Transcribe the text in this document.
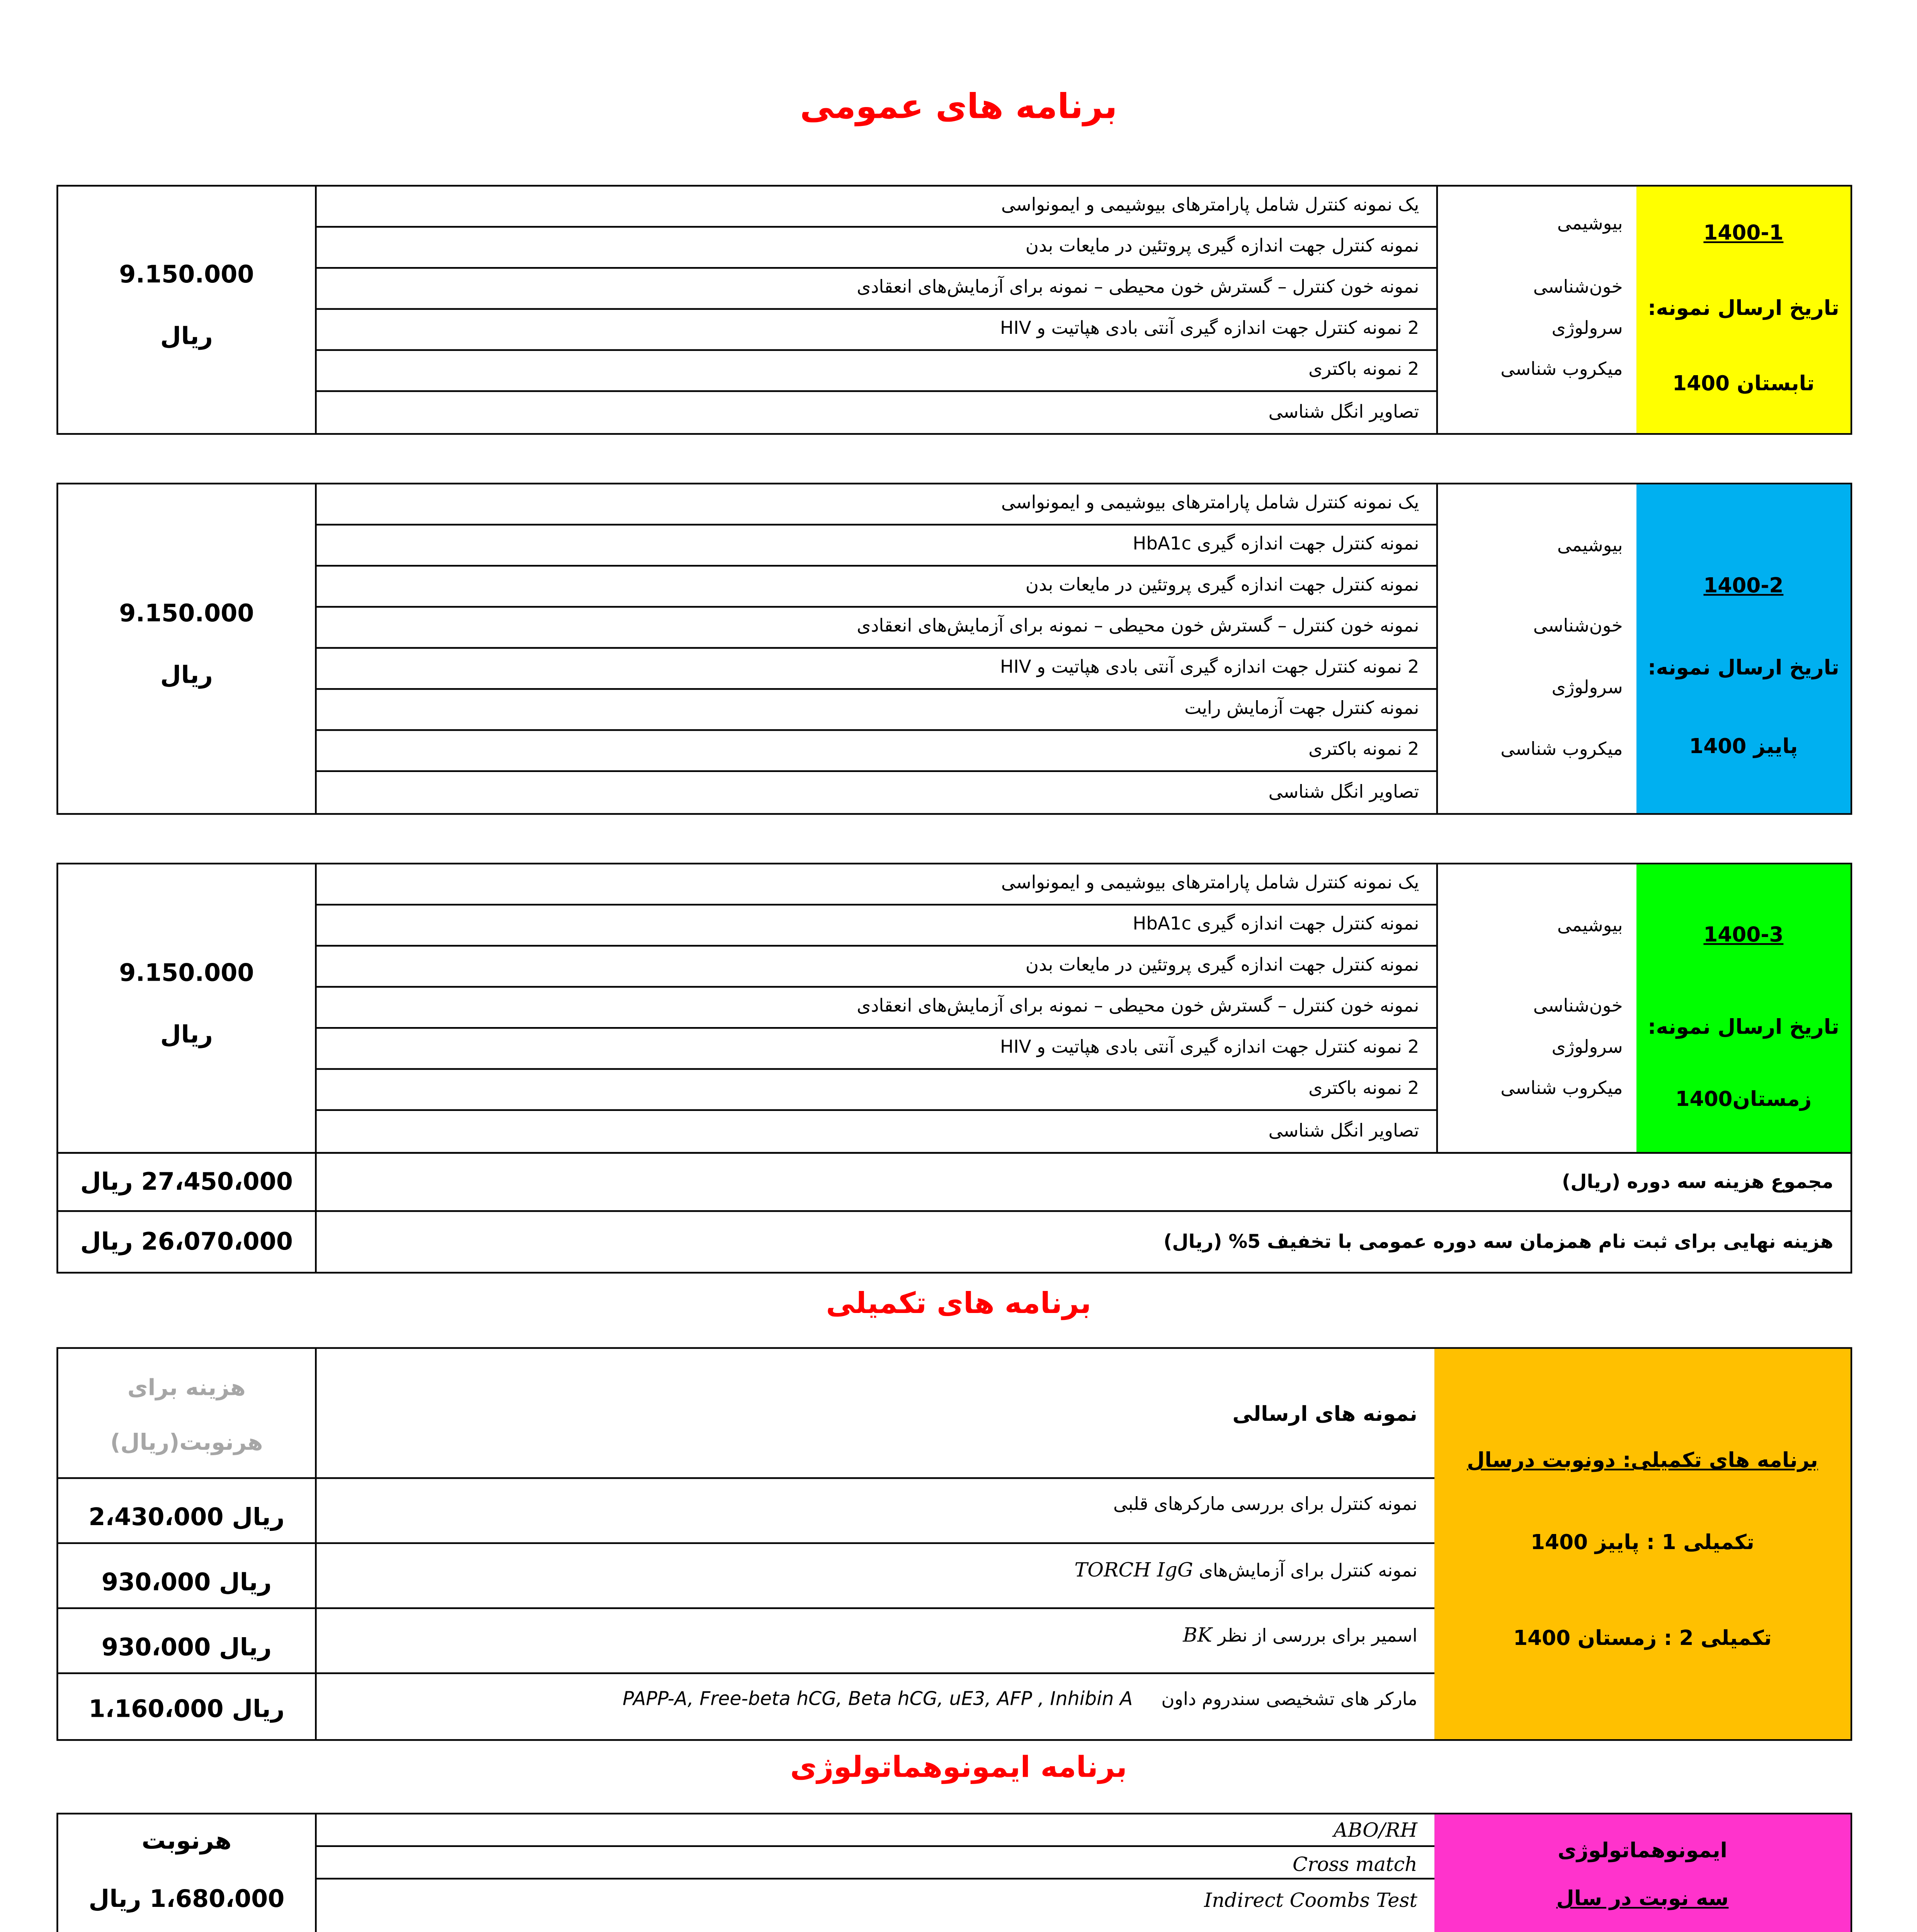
برنامه های عمومی
9.150.000
ریال
یک نمونه کنترل شامل پارامترهای بیوشیمی و ایمونواسی
نمونه کنترل جهت اندازه گیری پروتئین در مایعات بدن
نمونه خون کنترل – گسترش خون محیطی – نمونه برای آزمایش‌های انعقادی
2 نمونه کنترل جهت اندازه گیری آنتی بادی هپاتیت و HIV
2 نمونه باکتری
تصاویر انگل شناسی
بیوشیمی
خون‌شناسی
سرولوژی
میکروب شناسی
1400-1
تاریخ ارسال نمونه:
تابستان 1400
9.150.000
ریال
یک نمونه کنترل شامل پارامترهای بیوشیمی و ایمونواسی
نمونه کنترل جهت اندازه گیری HbA1c
نمونه کنترل جهت اندازه گیری پروتئین در مایعات بدن
نمونه خون کنترل – گسترش خون محیطی – نمونه برای آزمایش‌های انعقادی
2 نمونه کنترل جهت اندازه گیری آنتی بادی هپاتیت و HIV
نمونه کنترل جهت آزمایش رایت
2 نمونه باکتری
تصاویر انگل شناسی
بیوشیمی
خون‌شناسی
سرولوژی
میکروب شناسی
1400-2
تاریخ ارسال نمونه:
پاییز 1400
9.150.000
ریال
یک نمونه کنترل شامل پارامترهای بیوشیمی و ایمونواسی
نمونه کنترل جهت اندازه گیری HbA1c
نمونه کنترل جهت اندازه گیری پروتئین در مایعات بدن
نمونه خون کنترل – گسترش خون محیطی – نمونه برای آزمایش‌های انعقادی
2 نمونه کنترل جهت اندازه گیری آنتی بادی هپاتیت و HIV
2 نمونه باکتری
تصاویر انگل شناسی
بیوشیمی
خون‌شناسی
سرولوژی
میکروب شناسی
1400-3
تاریخ ارسال نمونه:
زمستان1400
27،450،000 ریال	مجموع هزینه سه دوره (ریال)
26،070،000 ریال	هزینه نهایی برای ثبت نام همزمان سه دوره عمومی با تخفیف 5% (ریال)
برنامه های تکمیلی
هزینه برای هرنوبت(ریال)
2،430،000 ریال
930،000 ریال
930،000 ریال
1،160،000 ریال
نمونه های ارسالی
نمونه کنترل برای بررسی مارکرهای قلبی
نمونه کنترل برای آزمایش‌های TORCH IgG
اسمیر برای بررسی از نظر BK
مارکر های تشخیصی سندروم داون     PAPP-A, Free-beta hCG, Beta hCG, uE3, AFP , Inhibin A
برنامه های تکمیلی: دونوبت درسال
تکمیلی 1 : پاییز 1400
تکمیلی 2 : زمستان 1400
برنامه ایمونوهماتولوژی
هرنوبت
1،680،000 ریال
ABO/RH
Cross match
Indirect Coombs Test
ایمونوهماتولوژی
سه نوبت در سال
